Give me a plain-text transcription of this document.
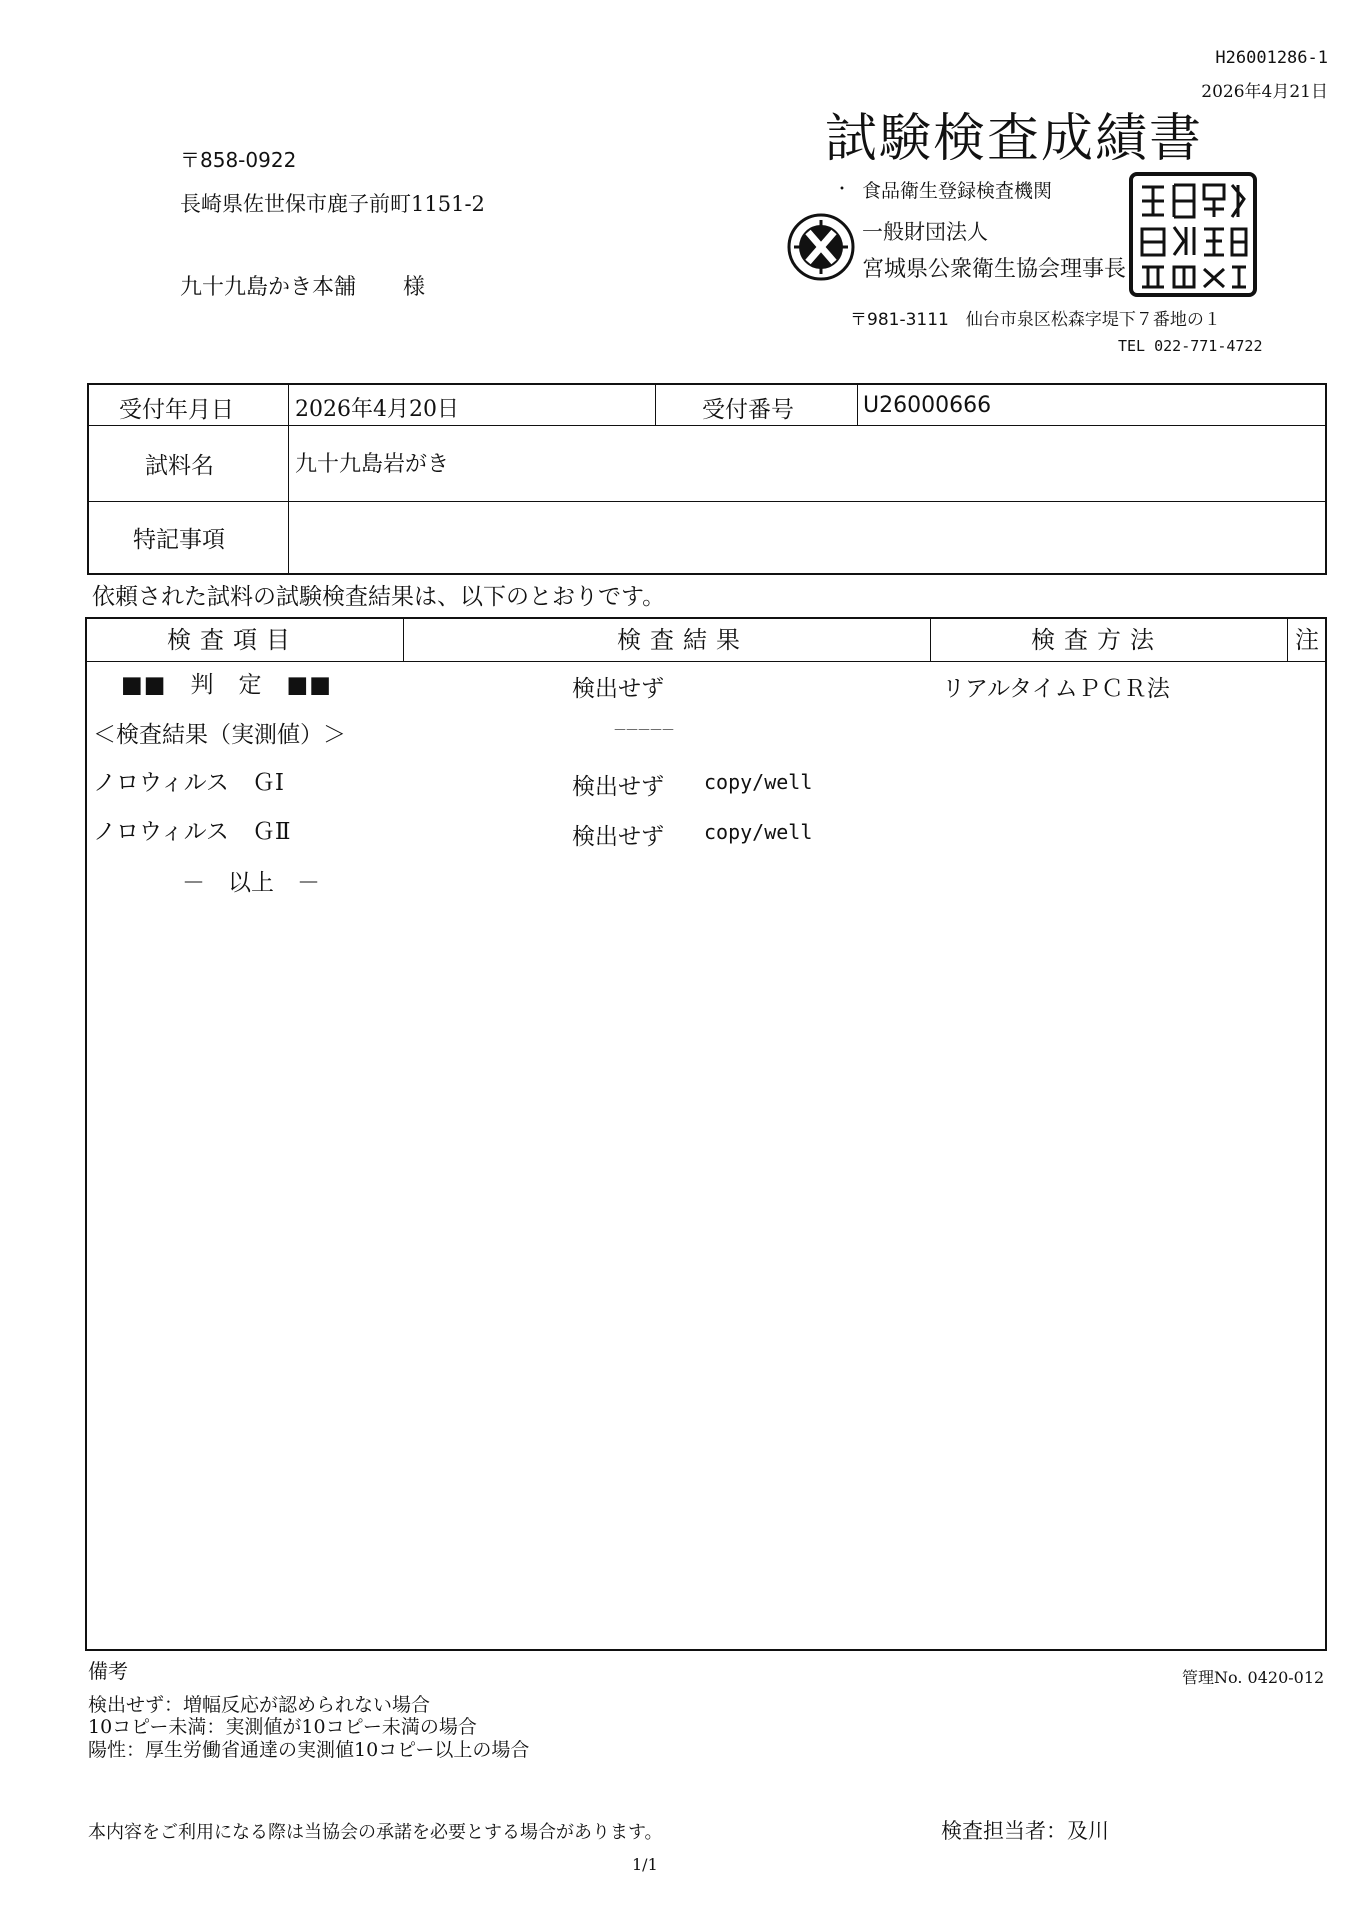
H26001286-1
2026年4月21日
試験検査成績書
〒858-0922
長崎県佐世保市鹿子前町1151-2
九十九島かき本舗 様
・ 食品衛生登録検査機関
一般財団法人
宮城県公衆衛生協会理事長
〒981-3111　仙台市泉区松森字堤下７番地の１
TEL 022-771-4722
受付年月日	2026年4月20日	受付番号	U26000666
試料名	九十九島岩がき
特記事項
依頼された試料の試験検査結果は、以下のとおりです。
検査項目	検査結果	検査方法	注
■■　判　定　■■	検出せず	リアルタイムＰＣＲ法
＜検査結果（実測値）＞	－－－－－
ノロウィルス　ＧⅠ	検出せず copy/well
ノロウィルス　ＧⅡ	検出せず copy/well
－　以上　－
備考	管理No. 0420-012
検出せず：増幅反応が認められない場合
10コピー未満：実測値が10コピー未満の場合
陽性：厚生労働省通達の実測値10コピー以上の場合
本内容をご利用になる際は当協会の承諾を必要とする場合があります。	検査担当者：及川
1/1
